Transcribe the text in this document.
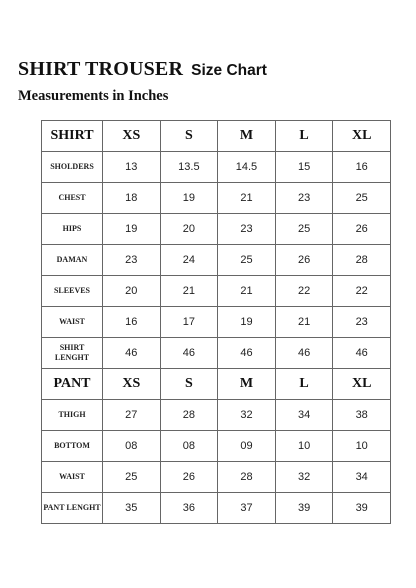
SHIRT TROUSER Size Chart
Measurements in Inches
SHIRT	XS	S	M	L	XL
SHOLDERS	13	13.5	14.5	15	16
CHEST	18	19	21	23	25
HIPS	19	20	23	25	26
DAMAN	23	24	25	26	28
SLEEVES	20	21	21	22	22
WAIST	16	17	19	21	23
SHIRT LENGHT	46	46	46	46	46
PANT	XS	S	M	L	XL
THIGH	27	28	32	34	38
BOTTOM	08	08	09	10	10
WAIST	25	26	28	32	34
PANT LENGHT	35	36	37	39	39
